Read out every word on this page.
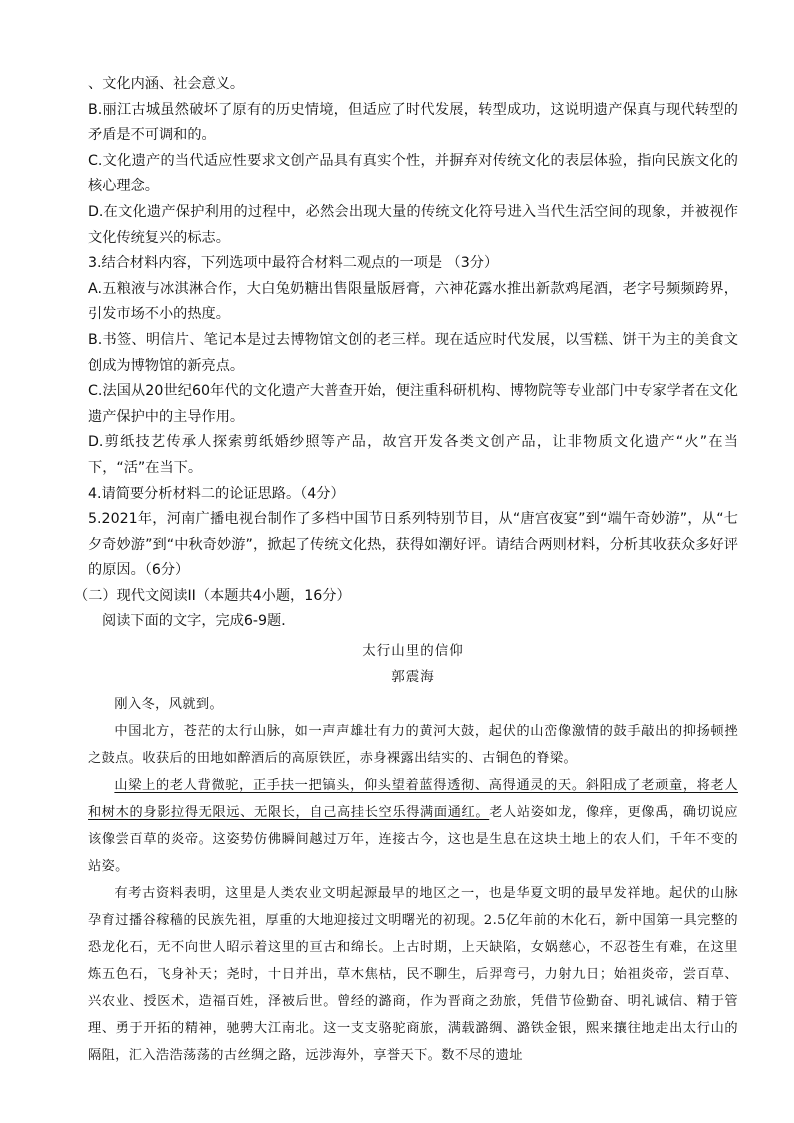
、文化内涵、社会意义。

B.丽江古城虽然破坏了原有的历史情境，但适应了时代发展，转型成功，这说明遗产保真与现代转型的矛盾是不可调和的。

C.文化遗产的当代适应性要求文创产品具有真实个性，并摒弃对传统文化的表层体验，指向民族文化的核心理念。

D.在文化遗产保护利用的过程中，必然会出现大量的传统文化符号进入当代生活空间的现象，并被视作文化传统复兴的标志。

3.结合材料内容，下列选项中最符合材料二观点的一项是 （3分）

A.五粮液与冰淇淋合作，大白兔奶糖出售限量版唇膏，六神花露水推出新款鸡尾酒，老字号频频跨界，引发市场不小的热度。

B.书签、明信片、笔记本是过去博物馆文创的老三样。现在适应时代发展，以雪糕、饼干为主的美食文创成为博物馆的新亮点。

C.法国从20世纪60年代的文化遗产大普查开始，便注重科研机构、博物院等专业部门中专家学者在文化遗产保护中的主导作用。

D.剪纸技艺传承人探索剪纸婚纱照等产品，故宫开发各类文创产品，让非物质文化遗产“火”在当下，“活”在当下。

4.请简要分析材料二的论证思路。（4分）

5.2021年，河南广播电视台制作了多档中国节日系列特别节目，从“唐宫夜宴”到“端午奇妙游”，从“七夕奇妙游”到“中秋奇妙游”，掀起了传统文化热，获得如潮好评。请结合两则材料，分析其收获众多好评的原因。（6分）

（二）现代文阅读II（本题共4小题，16分）

阅读下面的文字，完成6-9题．

太行山里的信仰

郭震海

刚入冬，风就到。

中国北方，苍茫的太行山脉，如一声声雄壮有力的黄河大鼓，起伏的山峦像激情的鼓手敲出的抑扬顿挫之鼓点。收获后的田地如醉酒后的高原铁匠，赤身裸露出结实的、古铜色的脊梁。

山梁上的老人背微驼，正手扶一把镐头，仰头望着蓝得透彻、高得通灵的天。斜阳成了老顽童，将老人和树木的身影拉得无限远、无限长，自己高挂长空乐得满面通红。老人站姿如龙，像痒，更像禹，确切说应该像尝百草的炎帝。这姿势仿佛瞬间越过万年，连接古今，这也是生息在这块土地上的农人们，千年不变的站姿。

有考古资料表明，这里是人类农业文明起源最早的地区之一，也是华夏文明的最早发祥地。起伏的山脉孕育过播谷稼穑的民族先祖，厚重的大地迎接过文明曙光的初现。2.5亿年前的木化石，新中国第一具完整的恐龙化石，无不向世人昭示着这里的亘古和绵长。上古时期，上天缺陷，女娲慈心，不忍苍生有难，在这里炼五色石，飞身补天；尧时，十日并出，草木焦枯，民不聊生，后羿弯弓，力射九日；始祖炎帝，尝百草、兴农业、授医术，造福百姓，泽被后世。曾经的潞商，作为晋商之劲旅，凭借节俭勤奋、明礼诚信、精于管理、勇于开拓的精神，驰骋大江南北。这一支支骆驼商旅，满载潞绸、潞铁金银，熙来攘往地走出太行山的隔阻，汇入浩浩荡荡的古丝绸之路，远涉海外，享誉天下。数不尽的遗址
